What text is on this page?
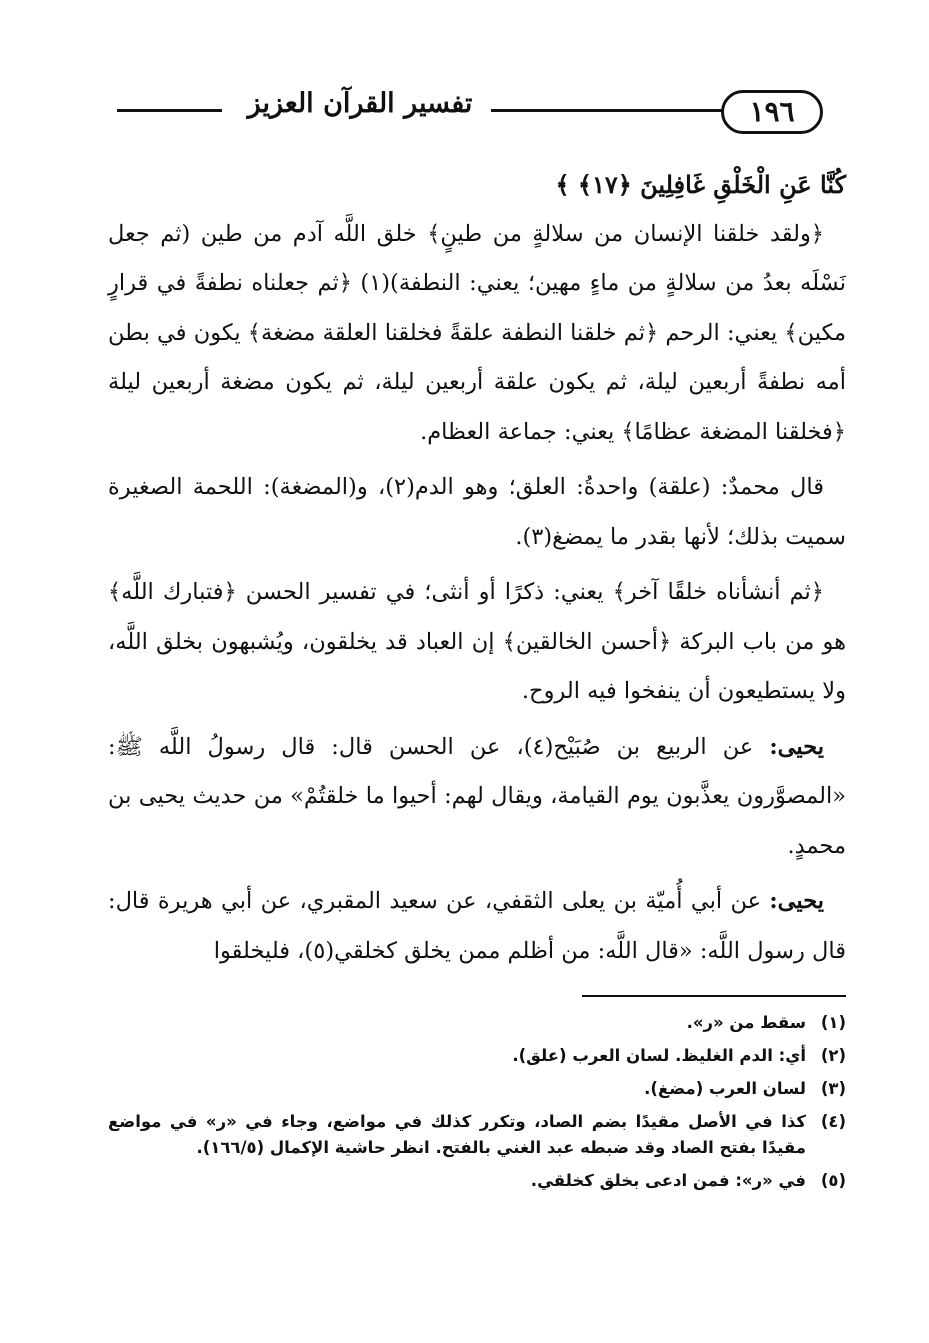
تفسير القرآن العزيز	١٩٦

كُنَّا عَنِ الْخَلْقِ غَافِلِينَ ﴿١٧﴾ ﴾

﴿ولقد خلقنا الإنسان من سلالةٍ من طينٍ﴾ خلق اللَّه آدم من طين (ثم جعل نَسْلَه بعدُ من سلالةٍ من ماءٍ مهين؛ يعني: النطفة)(١) ﴿ثم جعلناه نطفةً في قرارٍ مكين﴾ يعني: الرحم ﴿ثم خلقنا النطفة علقةً فخلقنا العلقة مضغة﴾ يكون في بطن أمه نطفةً أربعين ليلة، ثم يكون علقة أربعين ليلة، ثم يكون مضغة أربعين ليلة ﴿فخلقنا المضغة عظامًا﴾ يعني: جماعة العظام.

قال محمدٌ: (علقة) واحدةُ: العلق؛ وهو الدم(٢)، و(المضغة): اللحمة الصغيرة سميت بذلك؛ لأنها بقدر ما يمضغ(٣).

﴿ثم أنشأناه خلقًا آخر﴾ يعني: ذكرًا أو أنثى؛ في تفسير الحسن ﴿فتبارك اللَّه﴾ هو من باب البركة ﴿أحسن الخالقين﴾ إن العباد قد يخلقون، ويُشبهون بخلق اللَّه، ولا يستطيعون أن ينفخوا فيه الروح.

يحيى: عن الربيع بن صُبَيْح(٤)، عن الحسن قال: قال رسولُ اللَّه ﷺ: «المصوَّرون يعذَّبون يوم القيامة، ويقال لهم: أحيوا ما خلقتُمْ» من حديث يحيى بن محمدٍ.

يحيى: عن أبي أُميّة بن يعلى الثقفي، عن سعيد المقبري، عن أبي هريرة قال: قال رسول اللَّه: «قال اللَّه: من أظلم ممن يخلق كخلقي(٥)، فليخلقوا

(١)
سقط من «ر».
(٢)
أي: الدم الغليظ. لسان العرب (علق).
(٣)
لسان العرب (مضغ).
(٤)
كذا في الأصل مقيدًا بضم الصاد، وتكرر كذلك في مواضع، وجاء في «ر» في مواضع مقيدًا بفتح الصاد وقد ضبطه عبد الغني بالفتح. انظر حاشية الإكمال (١٦٦/٥).
(٥)
في «ر»: فمن ادعى بخلق كخلقي.
